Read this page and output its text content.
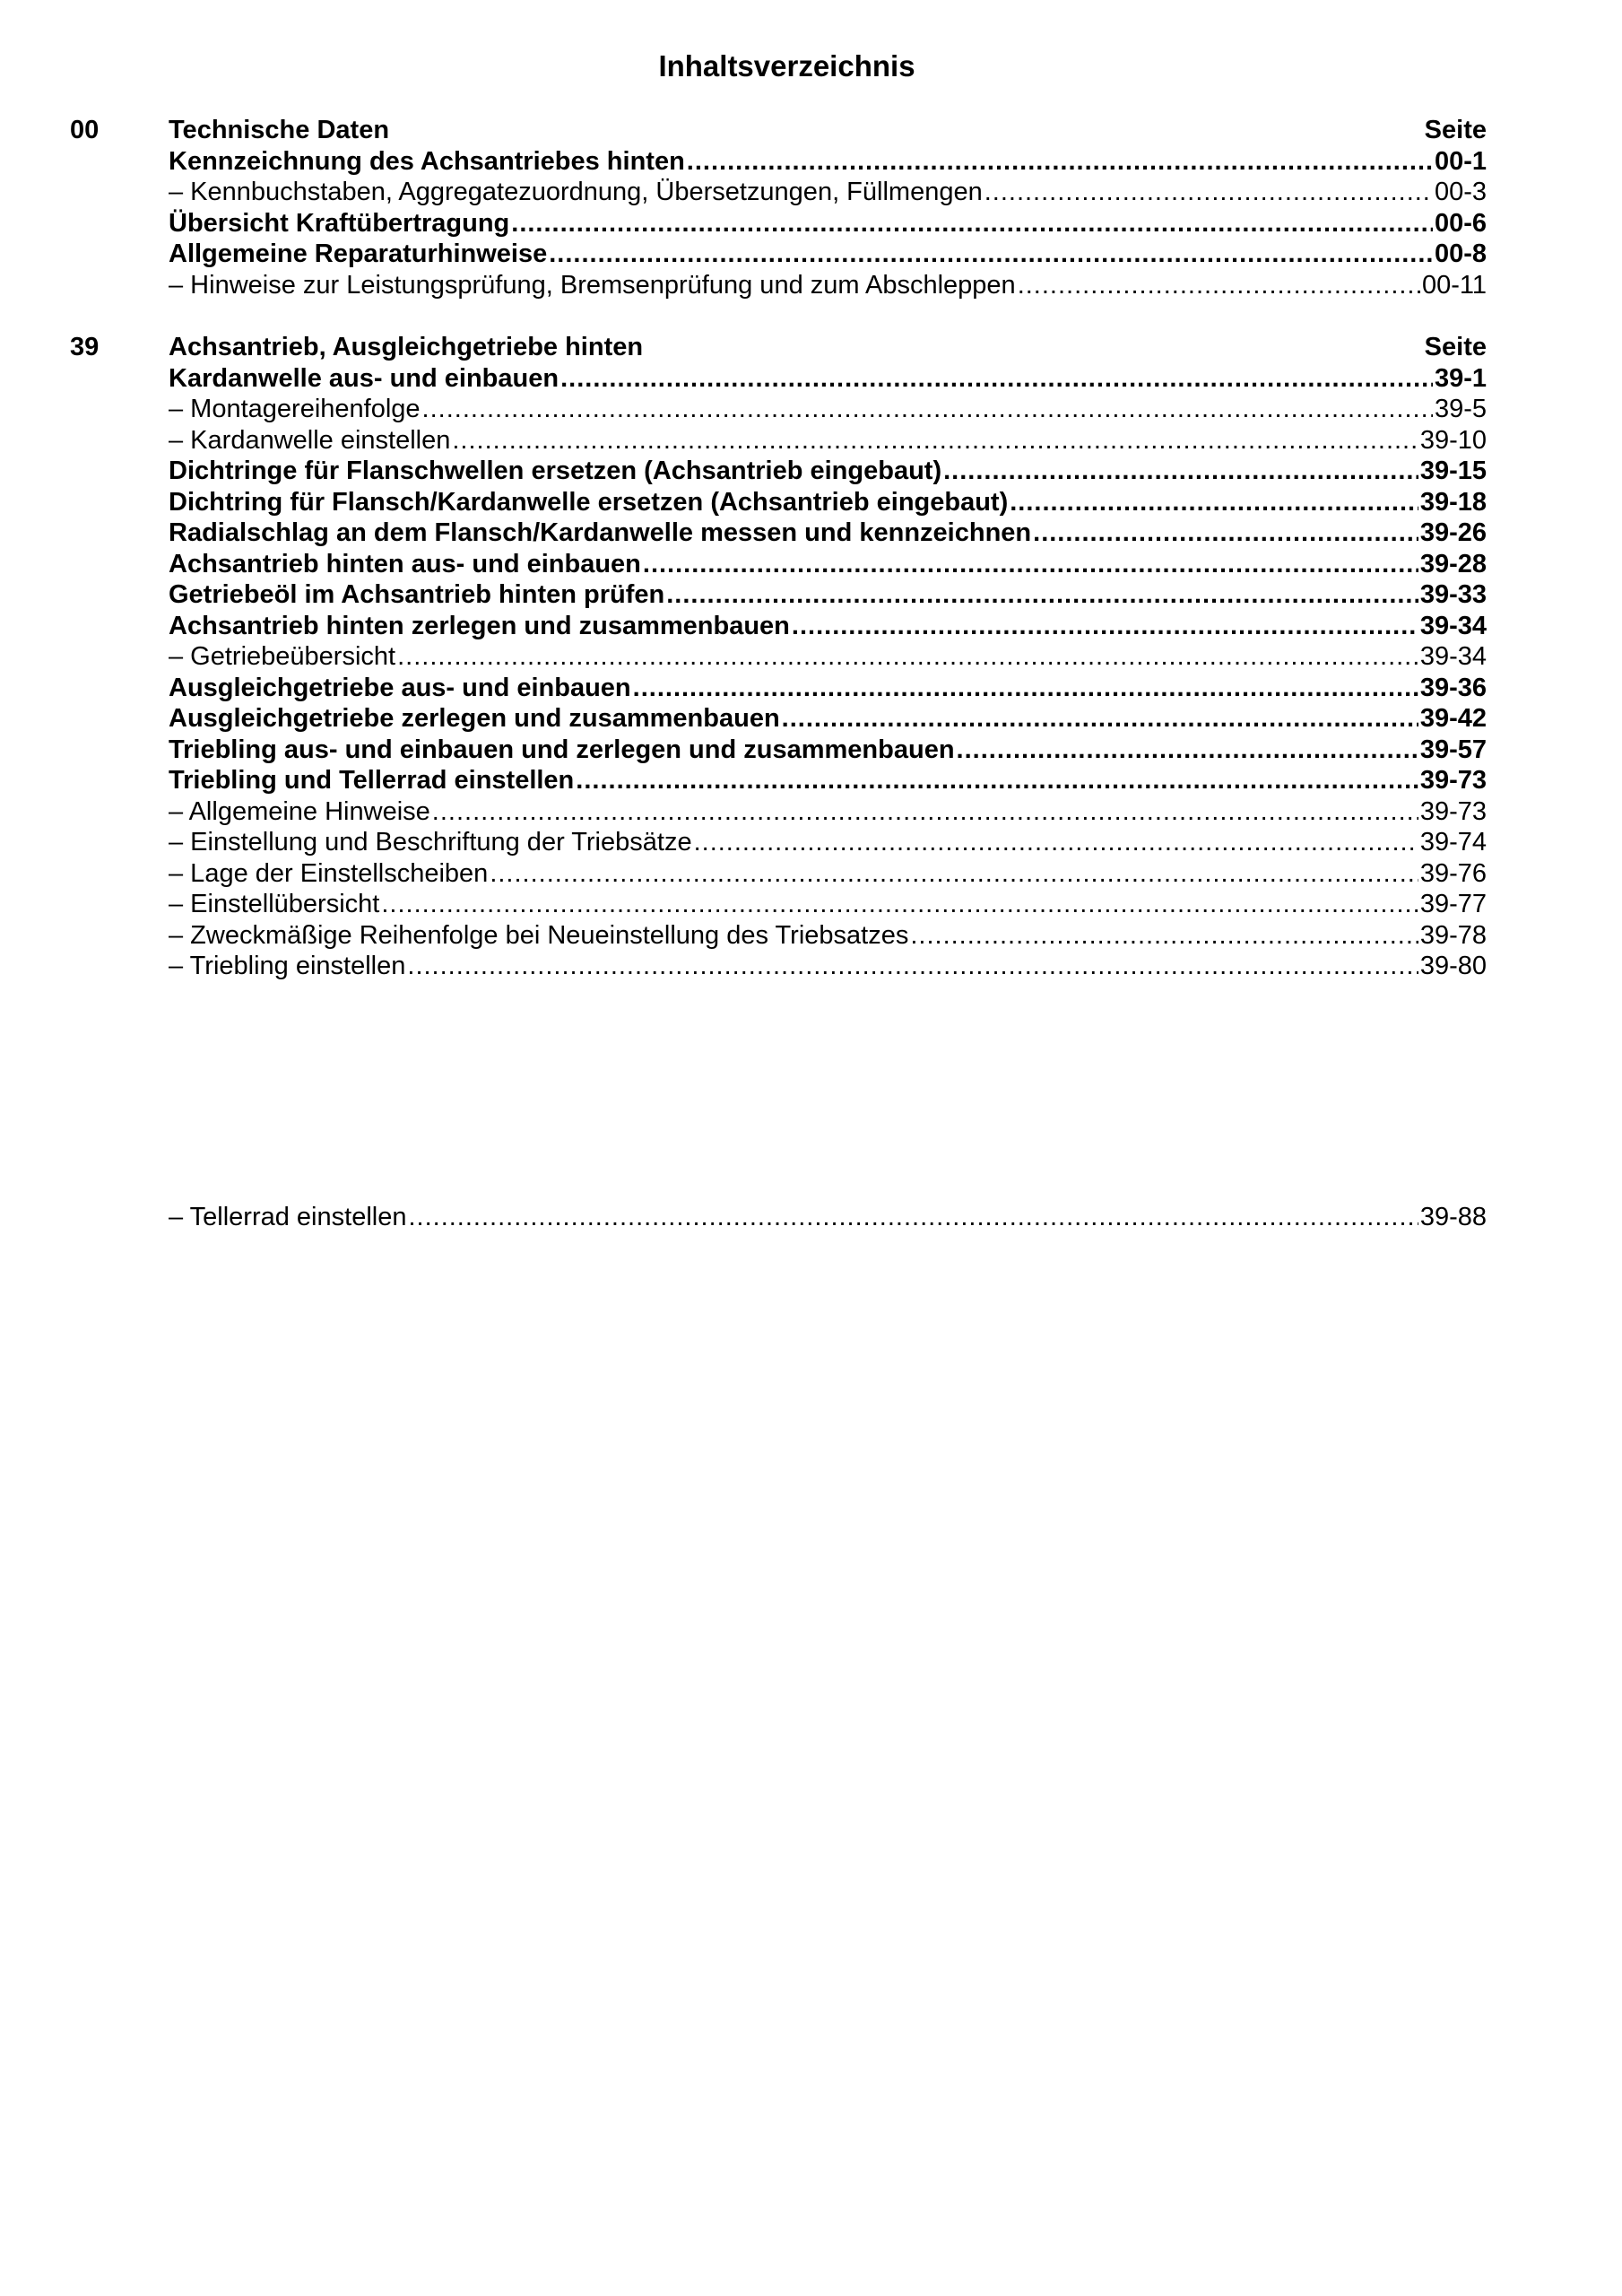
Inhaltsverzeichnis
00	Technische Daten	Seite
Kennzeichnung des Achsantriebes hinten .....	00-1
– Kennbuchstaben, Aggregatezuordnung, Übersetzungen, Füllmengen .....	00-3
Übersicht Kraftübertragung .....	00-6
Allgemeine Reparaturhinweise .....	00-8
– Hinweise zur Leistungsprüfung, Bremsenprüfung und zum Abschleppen .....	00-11
39	Achsantrieb, Ausgleichgetriebe hinten	Seite
Kardanwelle aus- und einbauen .....	39-1
– Montagereihenfolge .....	39-5
– Kardanwelle einstellen .....	39-10
Dichtringe für Flanschwellen ersetzen (Achsantrieb eingebaut) .....	39-15
Dichtring für Flansch/Kardanwelle ersetzen (Achsantrieb eingebaut) .....	39-18
Radialschlag an dem Flansch/Kardanwelle messen und kennzeichnen .....	39-26
Achsantrieb hinten aus- und einbauen .....	39-28
Getriebeöl im Achsantrieb hinten prüfen .....	39-33
Achsantrieb hinten zerlegen und zusammenbauen .....	39-34
– Getriebeübersicht .....	39-34
Ausgleichgetriebe aus- und einbauen .....	39-36
Ausgleichgetriebe zerlegen und zusammenbauen .....	39-42
Triebling aus- und einbauen und zerlegen und zusammenbauen .....	39-57
Triebling und Tellerrad einstellen .....	39-73
– Allgemeine Hinweise .....	39-73
– Einstellung und Beschriftung der Triebsätze .....	39-74
– Lage der Einstellscheiben .....	39-76
– Einstellübersicht .....	39-77
– Zweckmäßige Reihenfolge bei Neueinstellung des Triebsatzes .....	39-78
– Triebling einstellen .....	39-80
– Tellerrad einstellen .....	39-88
